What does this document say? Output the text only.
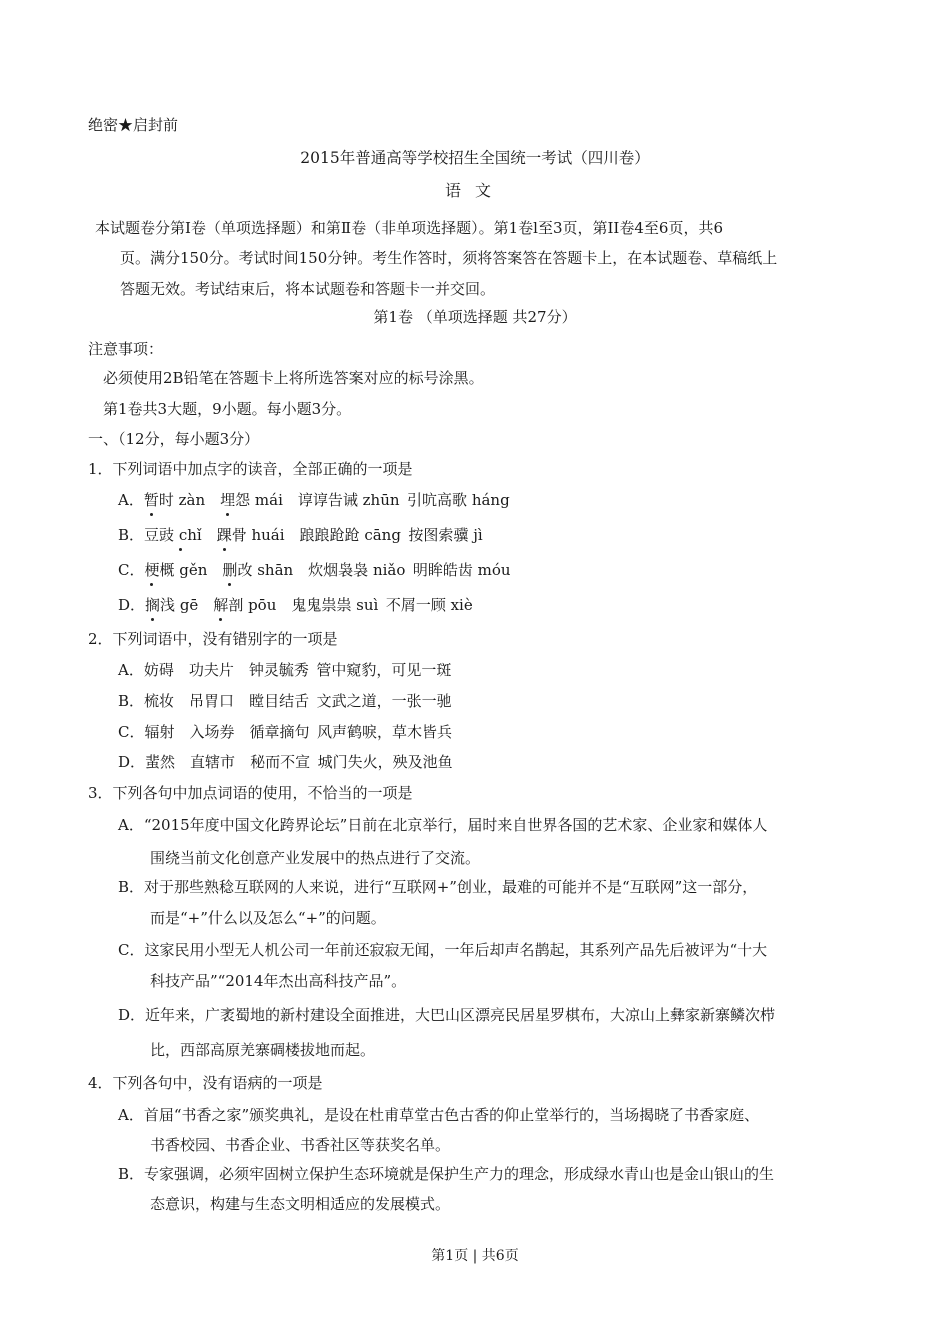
绝密★启封前
2015年普通高等学校招生全国统一考试（四川卷）
语文
本试题卷分第Ⅰ卷（单项选择题）和第Ⅱ卷（非单项选择题）。第1卷l至3页，第II卷4至6页，共6
页。满分150分。考试时间150分钟。考生作答时，须将答案答在答题卡上，在本试题卷、草稿纸上
答题无效。考试结束后，将本试题卷和答题卡一并交回。
第1卷 （单项选择题 共27分）
注意事项：
必须使用2B铅笔在答题卡上将所选答案对应的标号涂黑。
第1卷共3大题，9小题。每小题3分。
一、（12分，每小题3分）
1．下列词语中加点字的读音，全部正确的一项是
A．暂时 zàn  埋怨 mái  谆谆告诫 zhūn  引吭高歌 háng
B．豆豉 chǐ  踝骨 huái  踉踉跄跄 cāng  按图索骥 jì
C．梗概 gěn  删改 shān  炊烟袅袅 niǎo  明眸皓齿 móu
D．搁浅 gē  解剖 pōu  鬼鬼祟祟 suì  不屑一顾 xiè
2．下列词语中，没有错别字的一项是
A．妨碍  功夫片  钟灵毓秀  管中窥豹，可见一斑
B．梳妆  吊胃口  瞠目结舌  文武之道，一张一驰
C．辐射  入场券  循章摘句  风声鹤唳，草木皆兵
D．蜚然  直辖市  秘而不宣  城门失火，殃及池鱼
3．下列各句中加点词语的使用，不恰当的一项是
A．“2015年度中国文化跨界论坛”日前在北京举行，届时来自世界各国的艺术家、企业家和媒体人
围绕当前文化创意产业发展中的热点进行了交流。
B．对于那些熟稔互联网的人来说，进行“互联网+”创业，最难的可能并不是“互联网”这一部分，
而是“+”什么以及怎么“+”的问题。
C．这家民用小型无人机公司一年前还寂寂无闻，一年后却声名鹊起，其系列产品先后被评为“十大
科技产品”“2014年杰出高科技产品”。
D．近年来，广袤蜀地的新村建设全面推进，大巴山区漂亮民居星罗棋布，大凉山上彝家新寨鳞次栉
比，西部高原羌寨碉楼拔地而起。
4．下列各句中，没有语病的一项是
A．首届“书香之家”颁奖典礼，是设在杜甫草堂古色古香的仰止堂举行的，当场揭晓了书香家庭、
书香校园、书香企业、书香社区等获奖名单。
B．专家强调，必须牢固树立保护生态环境就是保护生产力的理念，形成绿水青山也是金山银山的生
态意识，构建与生态文明相适应的发展模式。
第1页 | 共6页
